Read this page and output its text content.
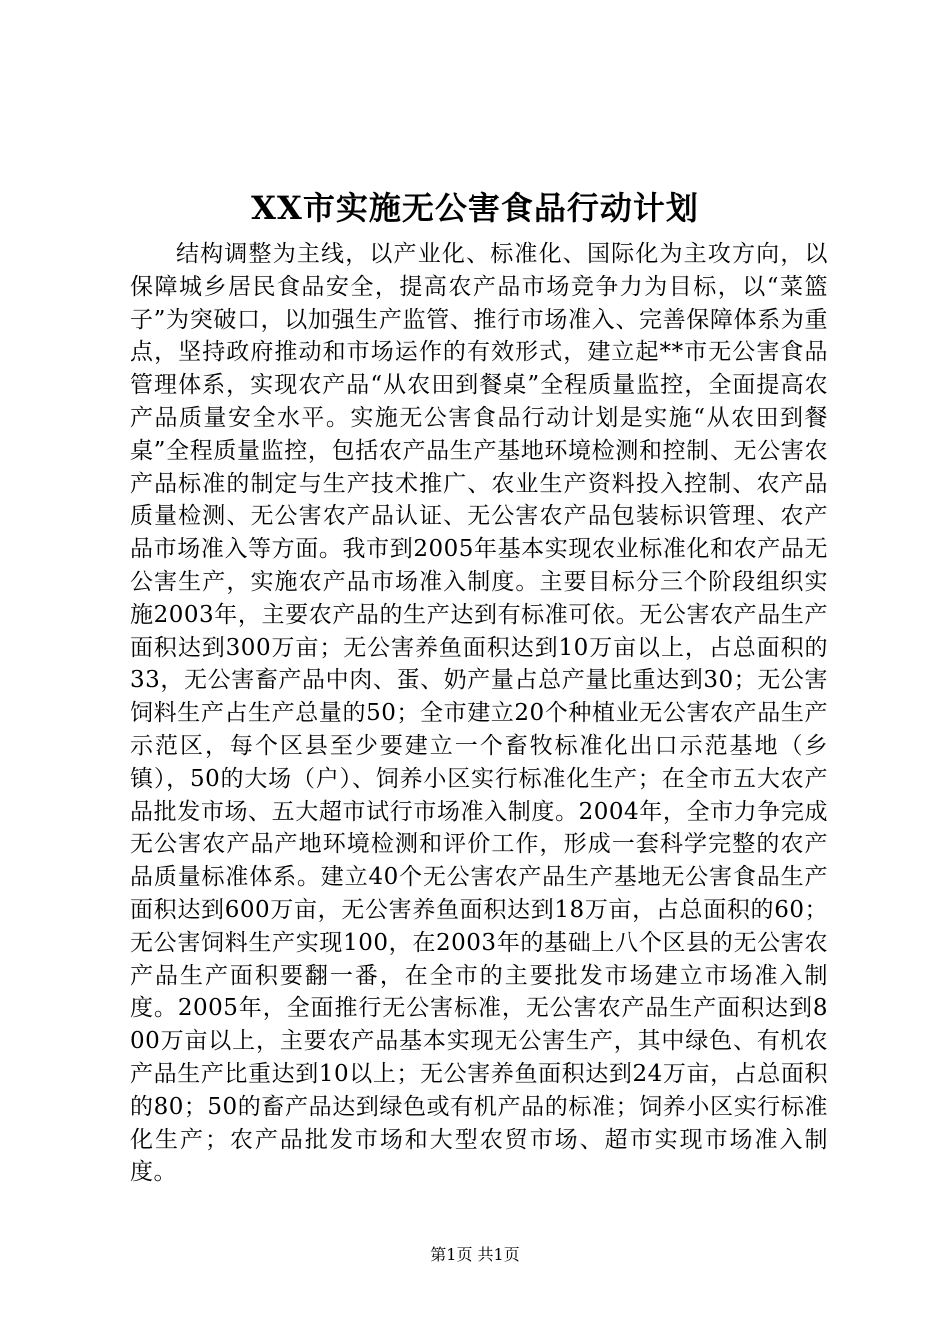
XX市实施无公害食品行动计划

结构调整为主线，以产业化、标准化、国际化为主攻方向，以保障城乡居民食品安全，提高农产品市场竞争力为目标，以“菜篮子”为突破口，以加强生产监管、推行市场准入、完善保障体系为重点，坚持政府推动和市场运作的有效形式，建立起**市无公害食品管理体系，实现农产品“从农田到餐桌”全程质量监控，全面提高农产品质量安全水平。实施无公害食品行动计划是实施“从农田到餐桌”全程质量监控，包括农产品生产基地环境检测和控制、无公害农产品标准的制定与生产技术推广、农业生产资料投入控制、农产品质量检测、无公害农产品认证、无公害农产品包装标识管理、农产品市场准入等方面。我市到2005年基本实现农业标准化和农产品无公害生产，实施农产品市场准入制度。主要目标分三个阶段组织实施2003年，主要农产品的生产达到有标准可依。无公害农产品生产面积达到300万亩；无公害养鱼面积达到10万亩以上，占总面积的33，无公害畜产品中肉、蛋、奶产量占总产量比重达到30；无公害饲料生产占生产总量的50；全市建立20个种植业无公害农产品生产示范区，每个区县至少要建立一个畜牧标准化出口示范基地（乡镇），50的大场（户）、饲养小区实行标准化生产；在全市五大农产品批发市场、五大超市试行市场准入制度。2004年，全市力争完成无公害农产品产地环境检测和评价工作，形成一套科学完整的农产品质量标准体系。建立40个无公害农产品生产基地无公害食品生产面积达到600万亩，无公害养鱼面积达到18万亩，占总面积的60；无公害饲料生产实现100，在2003年的基础上八个区县的无公害农产品生产面积要翻一番，在全市的主要批发市场建立市场准入制度。2005年，全面推行无公害标准，无公害农产品生产面积达到800万亩以上，主要农产品基本实现无公害生产，其中绿色、有机农产品生产比重达到10以上；无公害养鱼面积达到24万亩，占总面积的80；50的畜产品达到绿色或有机产品的标准；饲养小区实行标准化生产；农产品批发市场和大型农贸市场、超市实现市场准入制度。

第1页 共1页
